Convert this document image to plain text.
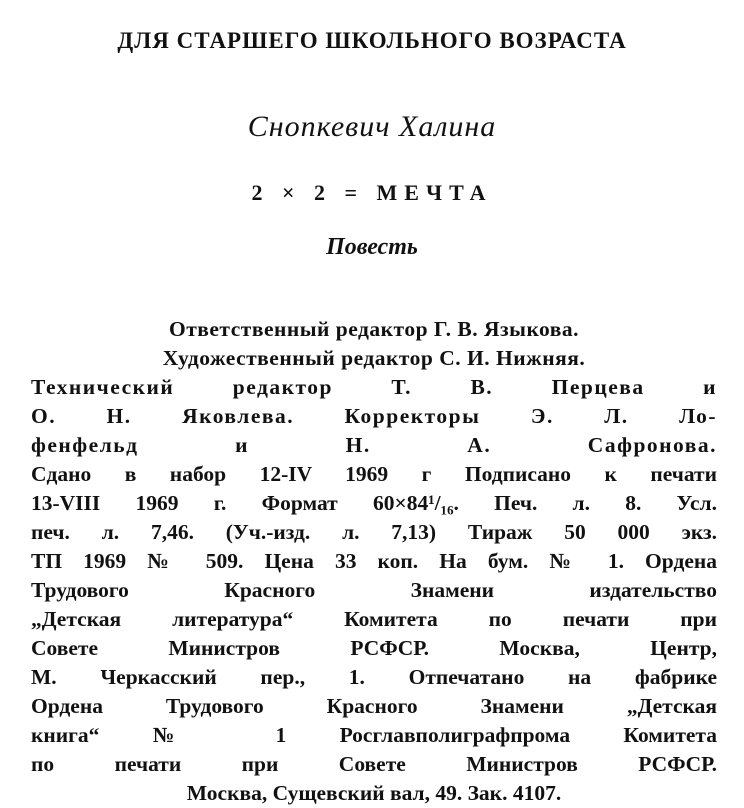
ДЛЯ СТАРШЕГО ШКОЛЬНОГО ВОЗРАСТА
Сноnкевич Халина
2 × 2 = МЕЧТА
Повесть
Ответственный редактор Г. В. Языкова.
Художественный редактор С. И. Нижняя.
Технический редактор Т. В. Перцева и
О. Н. Яковлева. Корректоры Э. Л. Ло-
фенфельд и Н. А. Сафронова.
Сдано в набор 12-IV 1969 г Подписано к печати
13-VIII 1969 г. Формат 60×84¹/₁₆. Печ. л. 8. Усл.
печ. л. 7,46. (Уч.-изд. л. 7,13) Тираж 50 000 экз.
ТП 1969 № 509. Цена 33 коп. На бум. № 1. Ордена
Трудового Красного Знамени издательство
„Детская литература“ Комитета по печати при
Совете Министров РСФСР. Москва, Центр,
М. Черкасский пер., 1. Отпечатано на фабрике
Ордена Трудового Красного Знамени „Детская
книга“ № 1 Росглавполиграфпрома Комитета
по печати при Совете Министров РСФСР.
Москва, Сущевский вал, 49. Зак. 4107.
